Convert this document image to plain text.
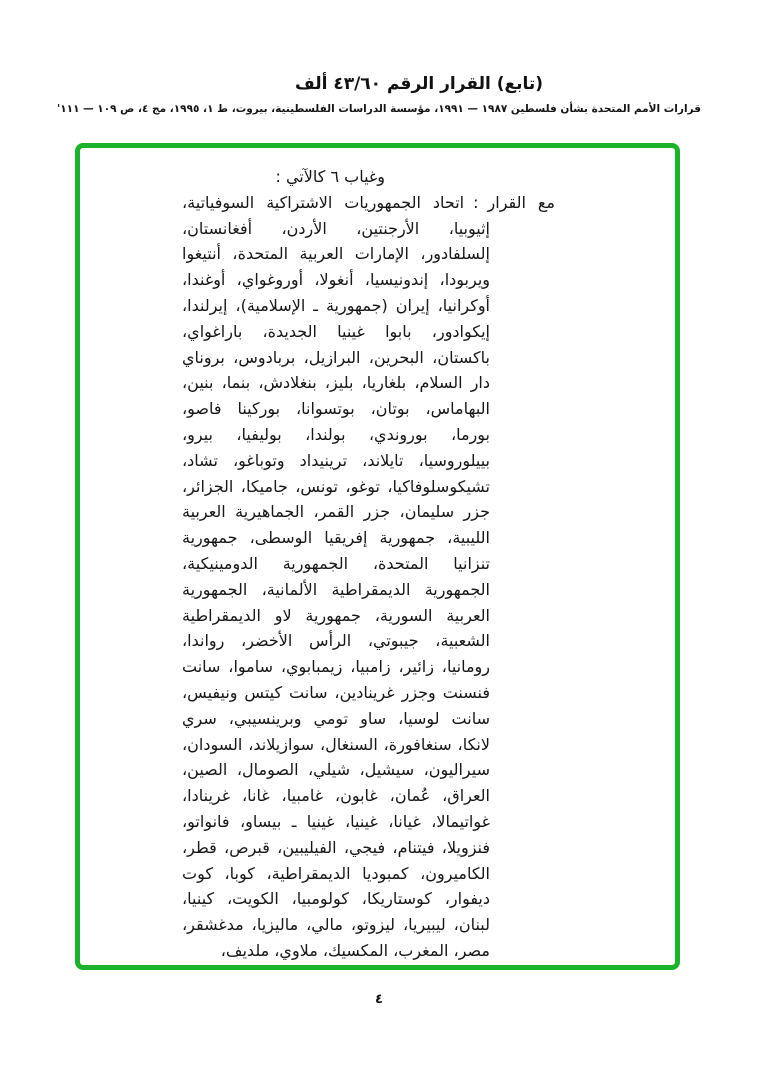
(تابع) القرار الرقم ٤٣/٦٠ ألف
قرارات الأمم المتحدة بشأن فلسطين ١٩٨٧ — ١٩٩١، مؤسسة الدراسات الفلسطينية، بيروت، ط ١، ١٩٩٥، مج ٤، ص ١٠٩ — ١١١'
وغياب ٦ كالآتي :

مع القرار:اتحاد الجمهوريات الاشتراكية السوفياتية، إثيوبيا، الأرجنتين، الأردن، أفغانستان، إلسلفادور، الإمارات العربية المتحدة، أنتيغوا ويربودا، إندونيسيا، أنغولا، أوروغواي، أوغندا، أوكرانيا، إيران (جمهورية ـ الإسلامية)، إيرلندا، إيكوادور، بابوا غينيا الجديدة، باراغواي، باكستان، البحرين، البرازيل، بربادوس، بروناي دار السلام، بلغاريا، بليز، بنغلادش، بنما، بنين، البهاماس، بوتان، بوتسوانا، بوركينا فاصو، بورما، بوروندي، بولندا، بوليفيا، بيرو، بييلوروسيا، تايلاند، ترينيداد وتوباغو، تشاد، تشيكوسلوفاكيا، توغو، تونس، جاميكا، الجزائر، جزر سليمان، جزر القمر، الجماهيرية العربية الليبية، جمهورية إفريقيا الوسطى، جمهورية تنزانيا المتحدة، الجمهورية الدومينيكية، الجمهورية الديمقراطية الألمانية، الجمهورية العربية السورية، جمهورية لاو الديمقراطية الشعبية، جيبوتي، الرأس الأخضر، رواندا، رومانيا، زائير، زامبيا، زيمبابوي، ساموا، سانت فنسنت وجزر غرينادين، سانت كيتس ونيفيس، سانت لوسيا، ساو تومي وبرينسيبي، سري لانكا، سنغافورة، السنغال، سوازيلاند، السودان، سيراليون، سيشيل، شيلي، الصومال، الصين، العراق، عُمان، غابون، غامبيا، غانا، غرينادا، غواتيمالا، غيانا، غينيا، غينيا ـ بيساو، فانواتو، فنزويلا، فيتنام، فيجي، الفيليبين، قبرص، قطر، الكاميرون، كمبوديا الديمقراطية، كوبا، كوت ديفوار، كوستاريكا، كولومبيا، الكويت، كينيا، لبنان، ليبيريا، ليزوتو، مالي، ماليزيا، مدغشقر، مصر، المغرب، المكسيك، ملاوي، ملديف،

٤
